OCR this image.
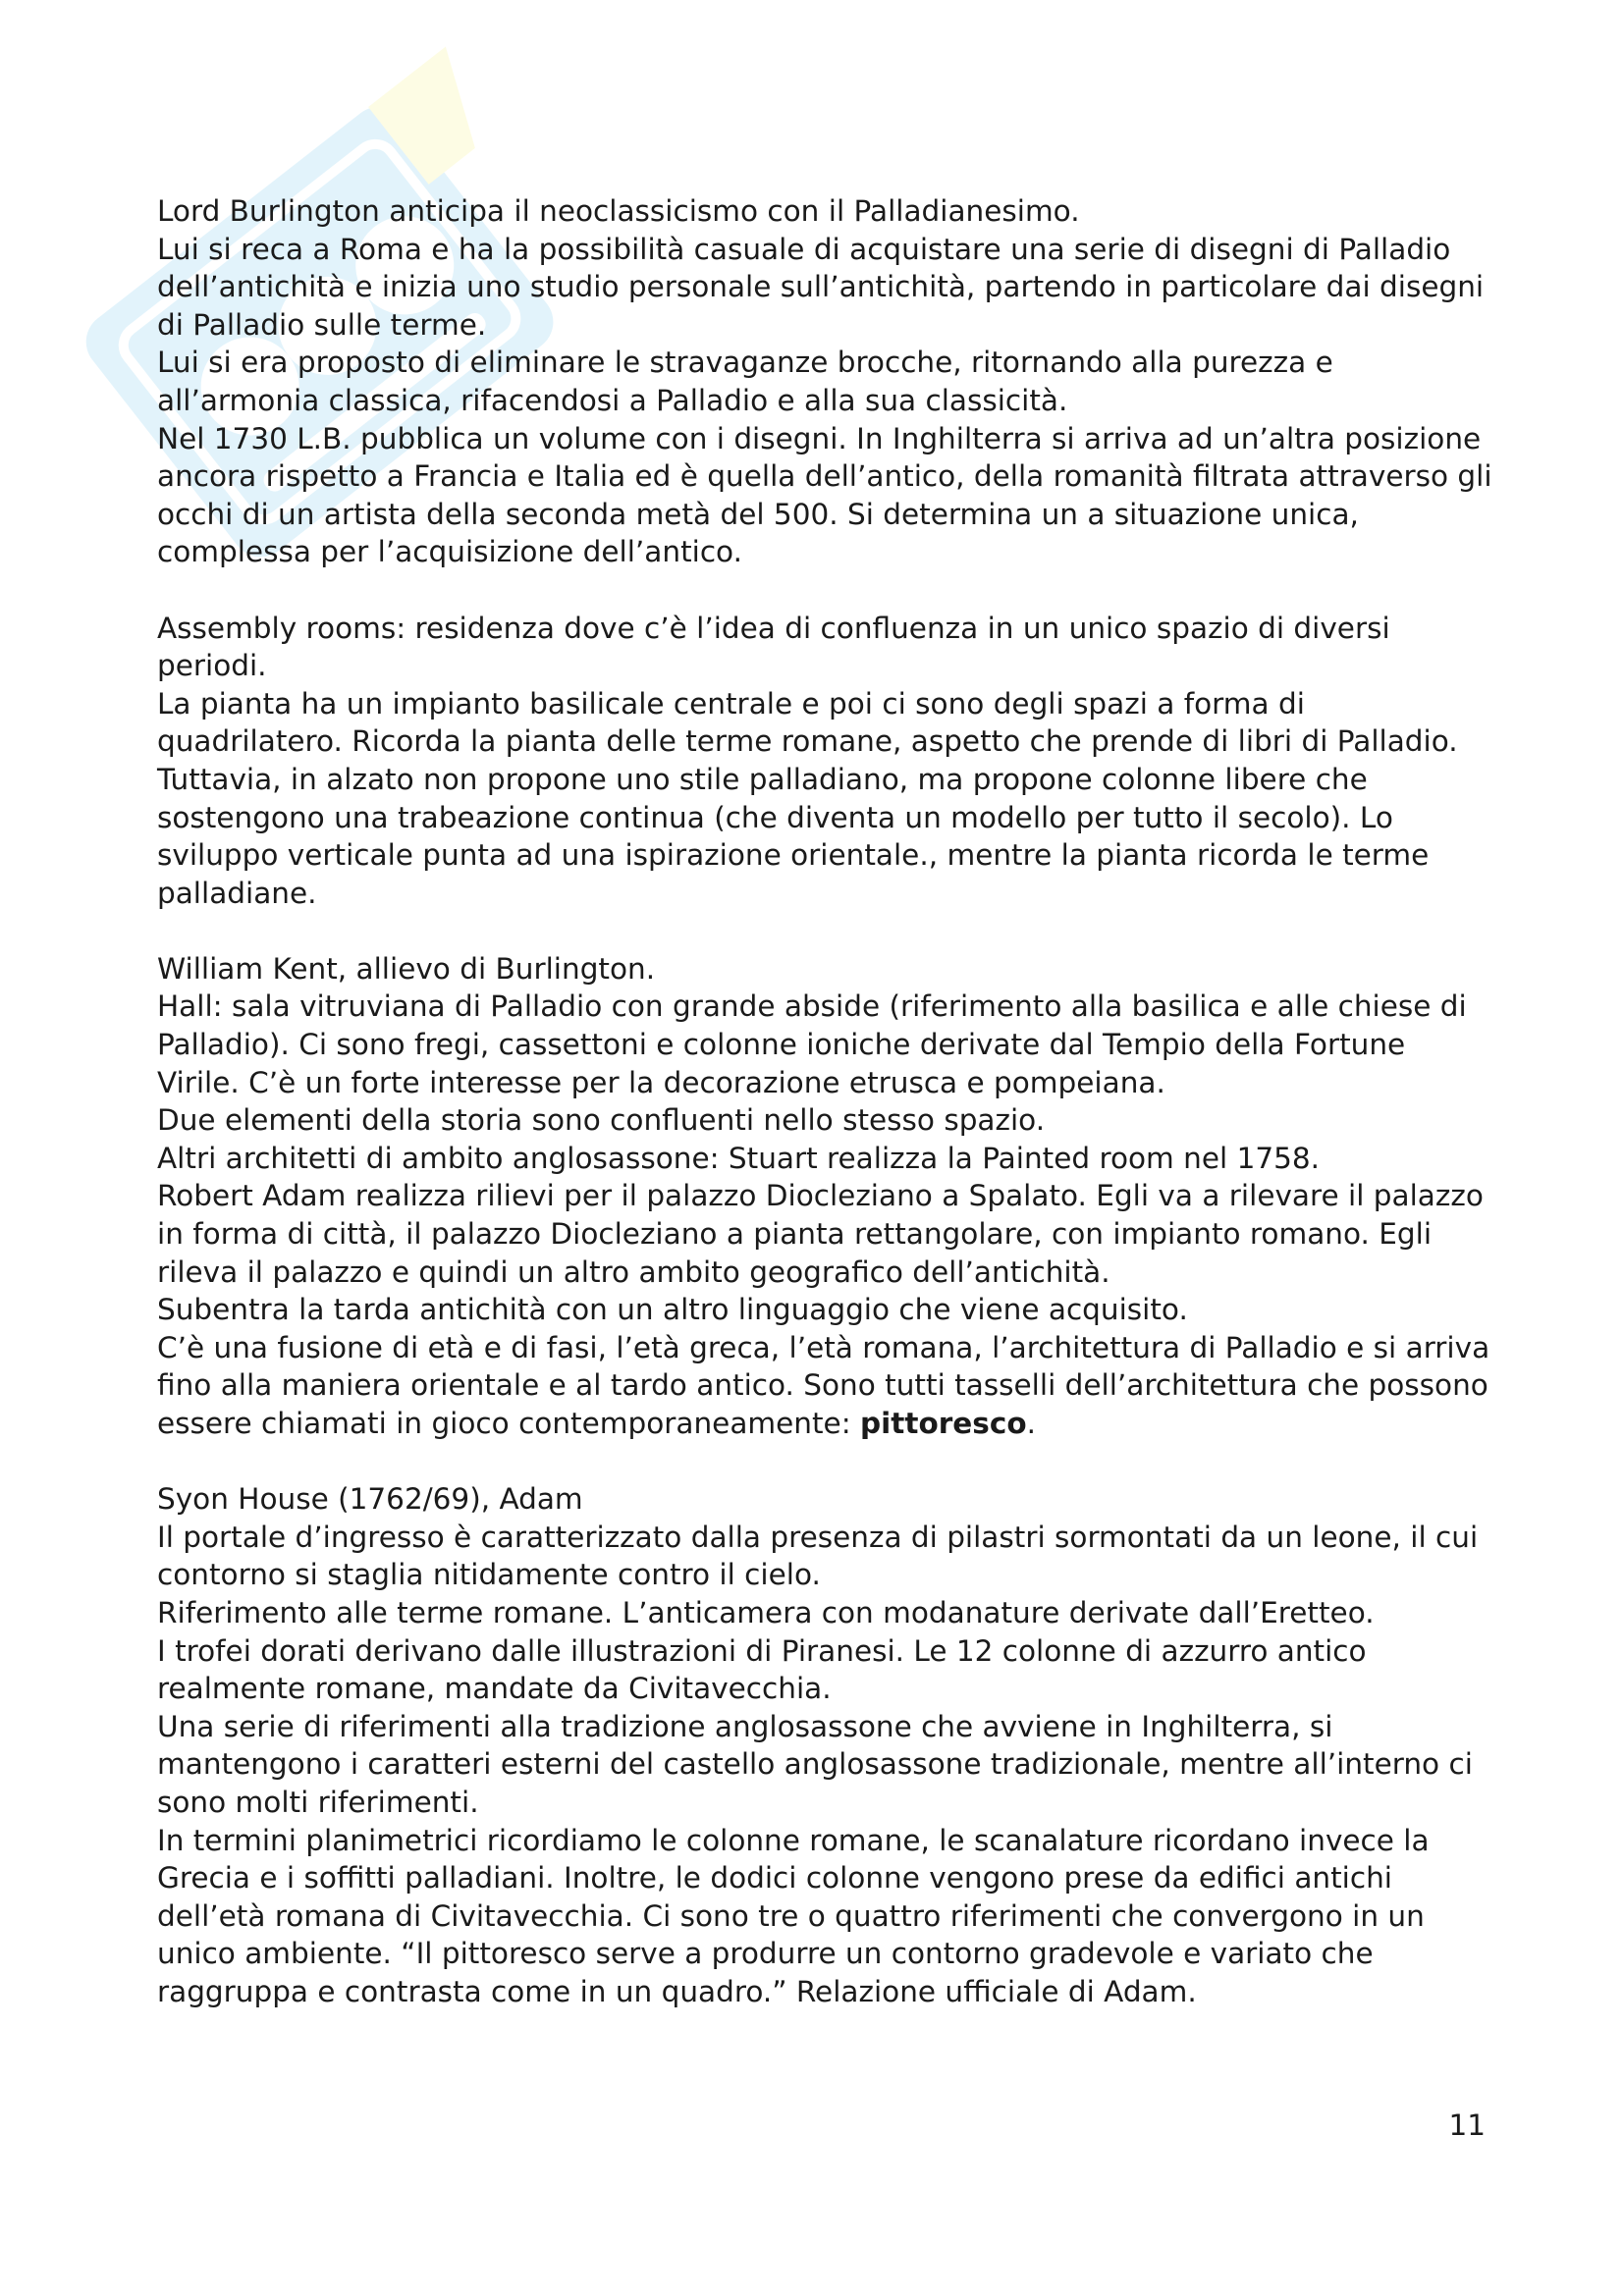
Lord Burlington anticipa il neoclassicismo con il Palladianesimo.

Lui si reca a Roma e ha la possibilità casuale di acquistare una serie di disegni di Palladio dell’antichità e inizia uno studio personale sull’antichità, partendo in particolare dai disegni di Palladio sulle terme.

Lui si era proposto di eliminare le stravaganze brocche, ritornando alla purezza e all’armonia classica, rifacendosi a Palladio e alla sua classicità.

Nel 1730 L.B. pubblica un volume con i disegni. In Inghilterra si arriva ad un’altra posizione ancora rispetto a Francia e Italia ed è quella dell’antico, della romanità filtrata attraverso gli occhi di un artista della seconda metà del 500. Si determina un a situazione unica, complessa per l’acquisizione dell’antico.

Assembly rooms: residenza dove c’è l’idea di confluenza in un unico spazio di diversi periodi.

La pianta ha un impianto basilicale centrale e poi ci sono degli spazi a forma di quadrilatero. Ricorda la pianta delle terme romane, aspetto che prende di libri di Palladio. Tuttavia, in alzato non propone uno stile palladiano, ma propone colonne libere che sostengono una trabeazione continua (che diventa un modello per tutto il secolo). Lo sviluppo verticale punta ad una ispirazione orientale., mentre la pianta ricorda le terme palladiane.

William Kent, allievo di Burlington.

Hall: sala vitruviana di Palladio con grande abside (riferimento alla basilica e alle chiese di Palladio). Ci sono fregi, cassettoni e colonne ioniche derivate dal Tempio della Fortune Virile. C’è un forte interesse per la decorazione etrusca e pompeiana.

Due elementi della storia sono confluenti nello stesso spazio.

Altri architetti di ambito anglosassone: Stuart realizza la Painted room nel 1758.

Robert Adam realizza rilievi per il palazzo Diocleziano a Spalato. Egli va a rilevare il palazzo in forma di città, il palazzo Diocleziano a pianta rettangolare, con impianto romano. Egli rileva il palazzo e quindi un altro ambito geografico dell’antichità.

Subentra la tarda antichità con un altro linguaggio che viene acquisito.

C’è una fusione di età e di fasi, l’età greca, l’età romana, l’architettura di Palladio e si arriva fino alla maniera orientale e al tardo antico. Sono tutti tasselli dell’architettura che possono essere chiamati in gioco contemporaneamente: pittoresco.

Syon House (1762/69), Adam

Il portale d’ingresso è caratterizzato dalla presenza di pilastri sormontati da un leone, il cui contorno si staglia nitidamente contro il cielo.

Riferimento alle terme romane. L’anticamera con modanature derivate dall’Eretteo.

I trofei dorati derivano dalle illustrazioni di Piranesi. Le 12 colonne di azzurro antico realmente romane, mandate da Civitavecchia.

Una serie di riferimenti alla tradizione anglosassone che avviene in Inghilterra, si mantengono i caratteri esterni del castello anglosassone tradizionale, mentre all’interno ci sono molti riferimenti.

In termini planimetrici ricordiamo le colonne romane, le scanalature ricordano invece la Grecia e i soffitti palladiani. Inoltre, le dodici colonne vengono prese da edifici antichi dell’età romana di Civitavecchia. Ci sono tre o quattro riferimenti che convergono in un unico ambiente. “Il pittoresco serve a produrre un contorno gradevole e variato che raggruppa e contrasta come in un quadro.” Relazione ufficiale di Adam.

11
